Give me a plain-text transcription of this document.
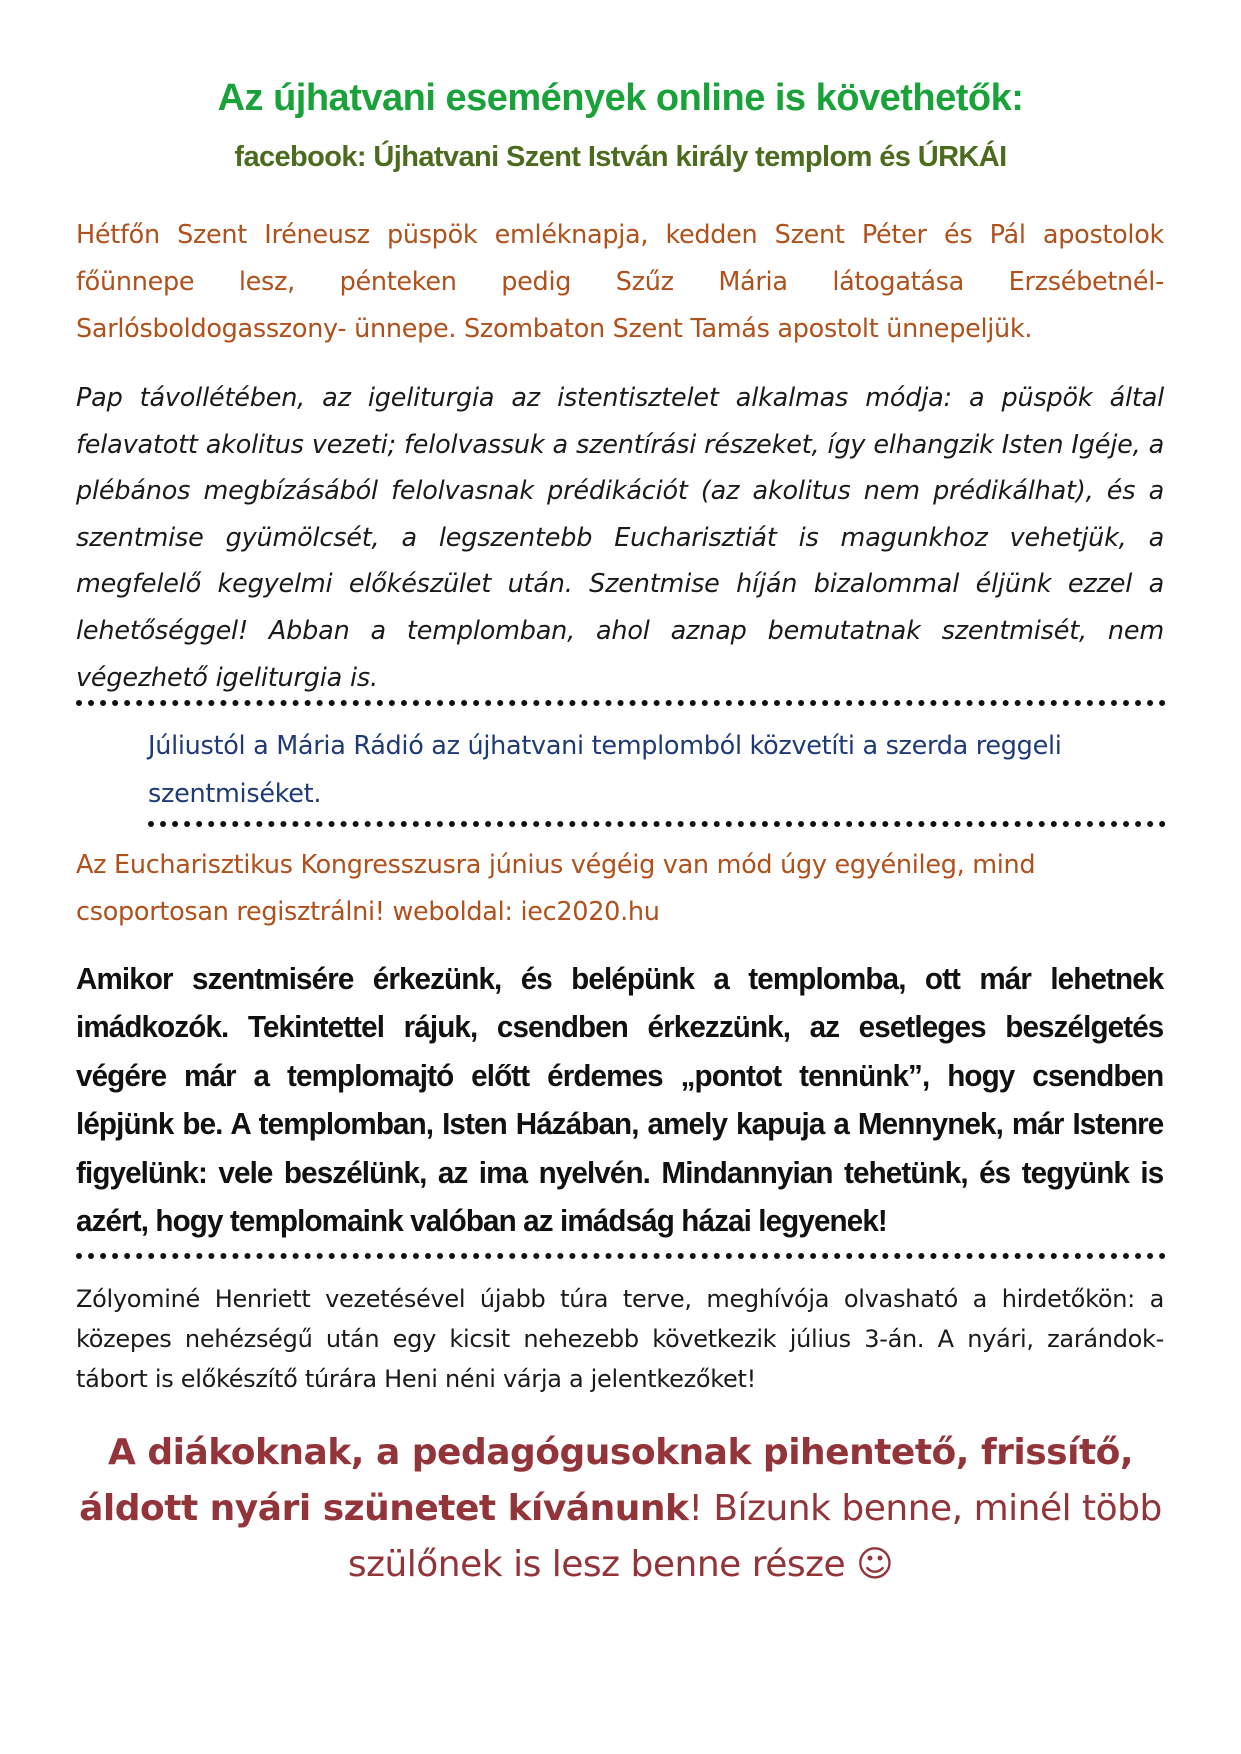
Az újhatvani események online is követhetők:
facebook: Újhatvani Szent István király templom és ÚRKÁI

Hétfőn Szent Iréneusz püspök emléknapja, kedden Szent Péter és Pál apostolok főünnepe lesz, pénteken pedig Szűz Mária látogatása Erzsébetnél- Sarlósboldogasszony- ünnepe. Szombaton Szent Tamás apostolt ünnepeljük.

Pap távollétében, az igeliturgia az istentisztelet alkalmas módja: a püspök által felavatott akolitus vezeti; felolvassuk a szentírási részeket, így elhangzik Isten Igéje, a plébános megbízásából felolvasnak prédikációt (az akolitus nem prédikálhat), és a szentmise gyümölcsét, a legszentebb Eucharisztiát is magunkhoz vehetjük, a megfelelő kegyelmi előkészület után. Szentmise híján bizalommal éljünk ezzel a lehetőséggel! Abban a templomban, ahol aznap bemutatnak szentmisét, nem végezhető igeliturgia is.

Júliustól a Mária Rádió az újhatvani templomból közvetíti a szerda reggeli szentmiséket.

Az Eucharisztikus Kongresszusra június végéig van mód úgy egyénileg, mind csoportosan regisztrálni! weboldal: iec2020.hu

Amikor szentmisére érkezünk, és belépünk a templomba, ott már lehetnek imádkozók. Tekintettel rájuk, csendben érkezzünk, az esetleges beszélgetés végére már a templomajtó előtt érdemes „pontot tennünk”, hogy csendben lépjünk be. A templomban, Isten Házában, amely kapuja a Mennynek, már Istenre figyelünk: vele beszélünk, az ima nyelvén. Mindannyian tehetünk, és tegyünk is azért, hogy templomaink valóban az imádság házai legyenek!

Zólyominé Henriett vezetésével újabb túra terve, meghívója olvasható a hirdetőkön: a közepes nehézségű után egy kicsit nehezebb következik július 3-án. A nyári, zarándok-tábort is előkészítő túrára Heni néni várja a jelentkezőket!

A diákoknak, a pedagógusoknak pihentető, frissítő, áldott nyári szünetet kívánunk! Bízunk benne, minél több szülőnek is lesz benne része ☺
